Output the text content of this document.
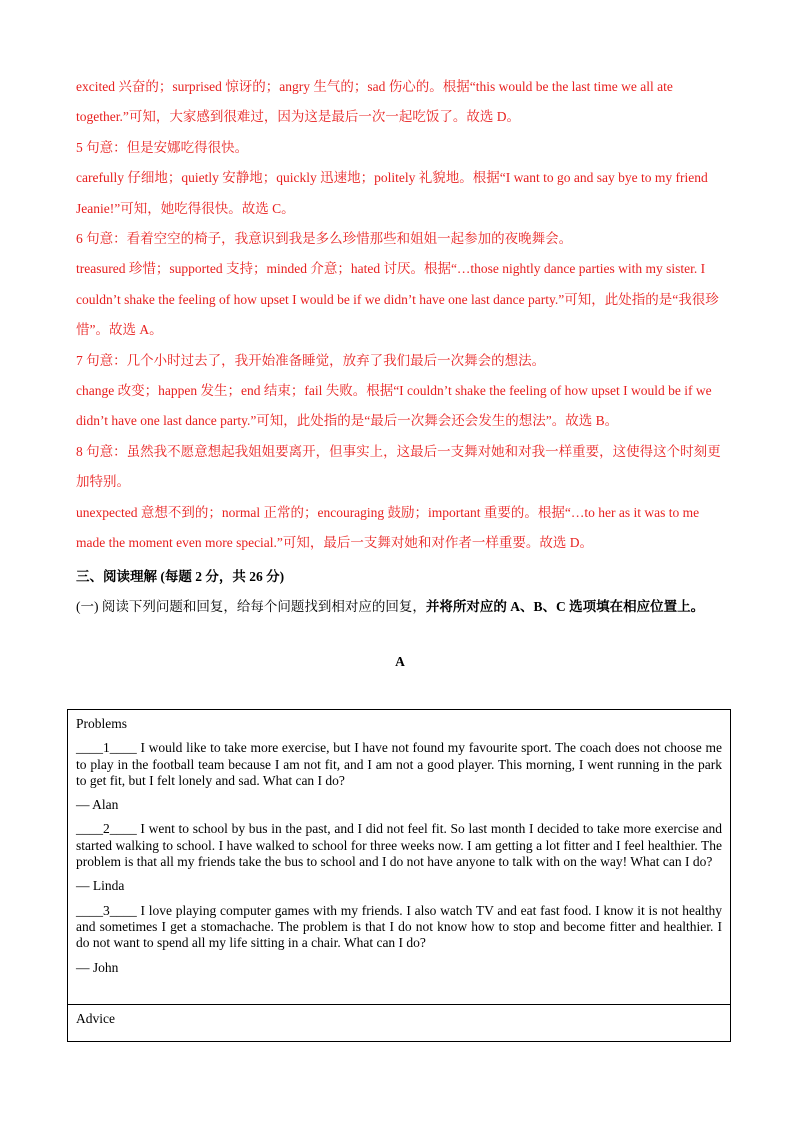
excited 兴奋的；surprised 惊讶的；angry 生气的；sad 伤心的。根据“this would be the last time we all ate together.”可知，大家感到很难过，因为这是最后一次一起吃饭了。故选 D。

5 句意：但是安娜吃得很快。

carefully 仔细地；quietly 安静地；quickly 迅速地；politely 礼貌地。根据“I want to go and say bye to my friend Jeanie!”可知，她吃得很快。故选 C。

6 句意：看着空空的椅子，我意识到我是多么珍惜那些和姐姐一起参加的夜晚舞会。

treasured 珍惜；supported 支持；minded 介意；hated 讨厌。根据“…those nightly dance parties with my sister. I couldn’t shake the feeling of how upset I would be if we didn’t have one last dance party.”可知，此处指的是“我很珍惜”。故选 A。

7 句意：几个小时过去了，我开始准备睡觉，放弃了我们最后一次舞会的想法。

change 改变；happen 发生；end 结束；fail 失败。根据“I couldn’t shake the feeling of how upset I would be if we didn’t have one last dance party.”可知，此处指的是“最后一次舞会还会发生的想法”。故选 B。

8 句意：虽然我不愿意想起我姐姐要离开，但事实上，这最后一支舞对她和对我一样重要，这使得这个时刻更加特别。

unexpected 意想不到的；normal 正常的；encouraging 鼓励；important 重要的。根据“…to her as it was to me made the moment even more special.”可知，最后一支舞对她和对作者一样重要。故选 D。

三、阅读理解 (每题 2 分，共 26 分)

(一) 阅读下列问题和回复，给每个问题找到相对应的回复，并将所对应的 A、B、C 选项填在相应位置上。

A

Problems

____1____ I would like to take more exercise, but I have not found my favourite sport. The coach does not choose me to play in the football team because I am not fit, and I am not a good player. This morning, I went running in the park to get fit, but I felt lonely and sad. What can I do?

— Alan

____2____ I went to school by bus in the past, and I did not feel fit. So last month I decided to take more exercise and started walking to school. I have walked to school for three weeks now. I am getting a lot fitter and I feel healthier. The problem is that all my friends take the bus to school and I do not have anyone to talk with on the way! What can I do?

— Linda

____3____ I love playing computer games with my friends. I also watch TV and eat fast food. I know it is not healthy and sometimes I get a stomachache. The problem is that I do not know how to stop and become fitter and healthier. I do not want to spend all my life sitting in a chair. What can I do?

— John

Advice
